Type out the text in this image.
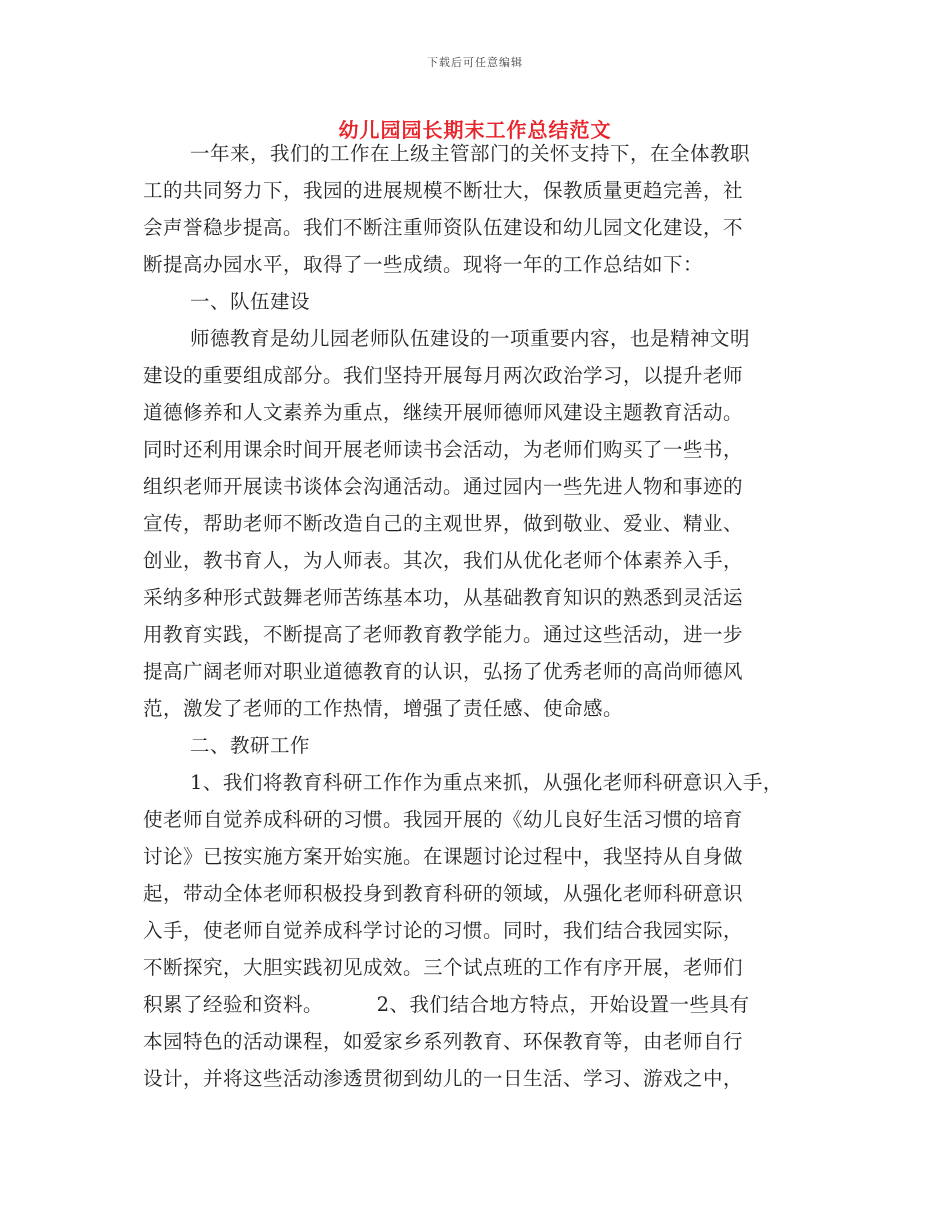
下载后可任意编辑
幼儿园园长期末工作总结范文
一年来，我们的工作在上级主管部门的关怀支持下，在全体教职
工的共同努力下，我园的进展规模不断壮大，保教质量更趋完善，社
会声誉稳步提高。我们不断注重师资队伍建设和幼儿园文化建设，不
断提高办园水平，取得了一些成绩。现将一年的工作总结如下：
一、队伍建设
师德教育是幼儿园老师队伍建设的一项重要内容，也是精神文明
建设的重要组成部分。我们坚持开展每月两次政治学习，以提升老师
道德修养和人文素养为重点，继续开展师德师风建设主题教育活动。
同时还利用课余时间开展老师读书会活动，为老师们购买了一些书，
组织老师开展读书谈体会沟通活动。通过园内一些先进人物和事迹的
宣传，帮助老师不断改造自己的主观世界，做到敬业、爱业、精业、
创业，教书育人，为人师表。其次，我们从优化老师个体素养入手，
采纳多种形式鼓舞老师苦练基本功，从基础教育知识的熟悉到灵活运
用教育实践，不断提高了老师教育教学能力。通过这些活动，进一步
提高广阔老师对职业道德教育的认识，弘扬了优秀老师的高尚师德风
范，激发了老师的工作热情，增强了责任感、使命感。
二、教研工作
1、我们将教育科研工作作为重点来抓，从强化老师科研意识入手，
使老师自觉养成科研的习惯。我园开展的《幼儿良好生活习惯的培育
讨论》已按实施方案开始实施。在课题讨论过程中，我坚持从自身做
起，带动全体老师积极投身到教育科研的领域，从强化老师科研意识
入手，使老师自觉养成科学讨论的习惯。同时，我们结合我园实际，
不断探究，大胆实践初见成效。三个试点班的工作有序开展，老师们
积累了经验和资料。        2、我们结合地方特点，开始设置一些具有
本园特色的活动课程，如爱家乡系列教育、环保教育等，由老师自行
设计，并将这些活动渗透贯彻到幼儿的一日生活、学习、游戏之中，
